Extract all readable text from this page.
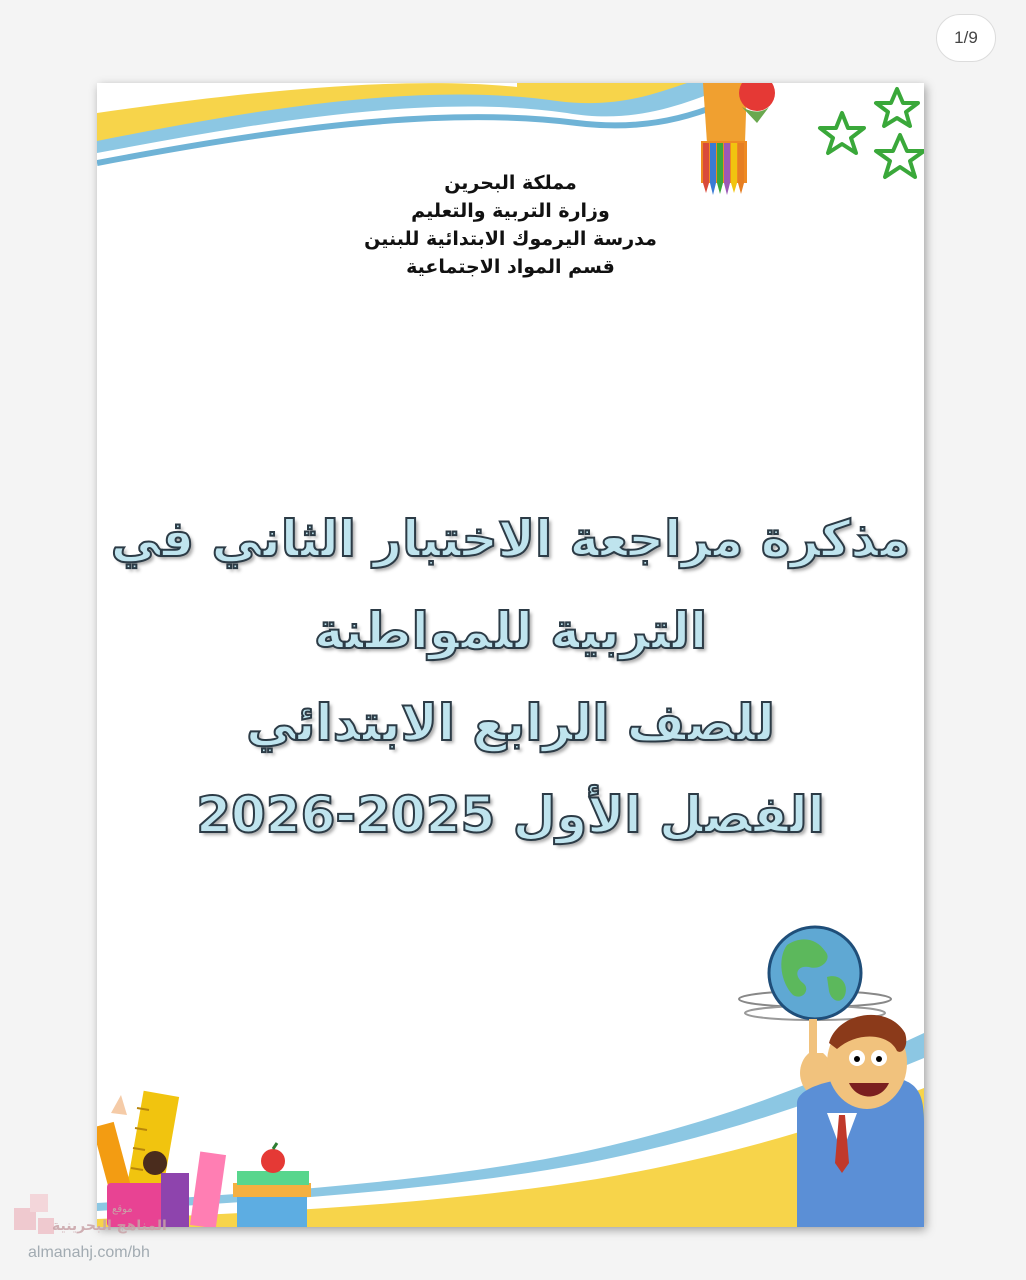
1/9
مملكة البحرين
وزارة التربية والتعليم
مدرسة اليرموك الابتدائية للبنين
قسم المواد الاجتماعية
مذكرة مراجعة الاختبار الثاني في
التربية للمواطنة
للصف الرابع الابتدائي
الفصل الأول 2025-2026
موقع
المناهج البحرينية
almanahj.com/bh
